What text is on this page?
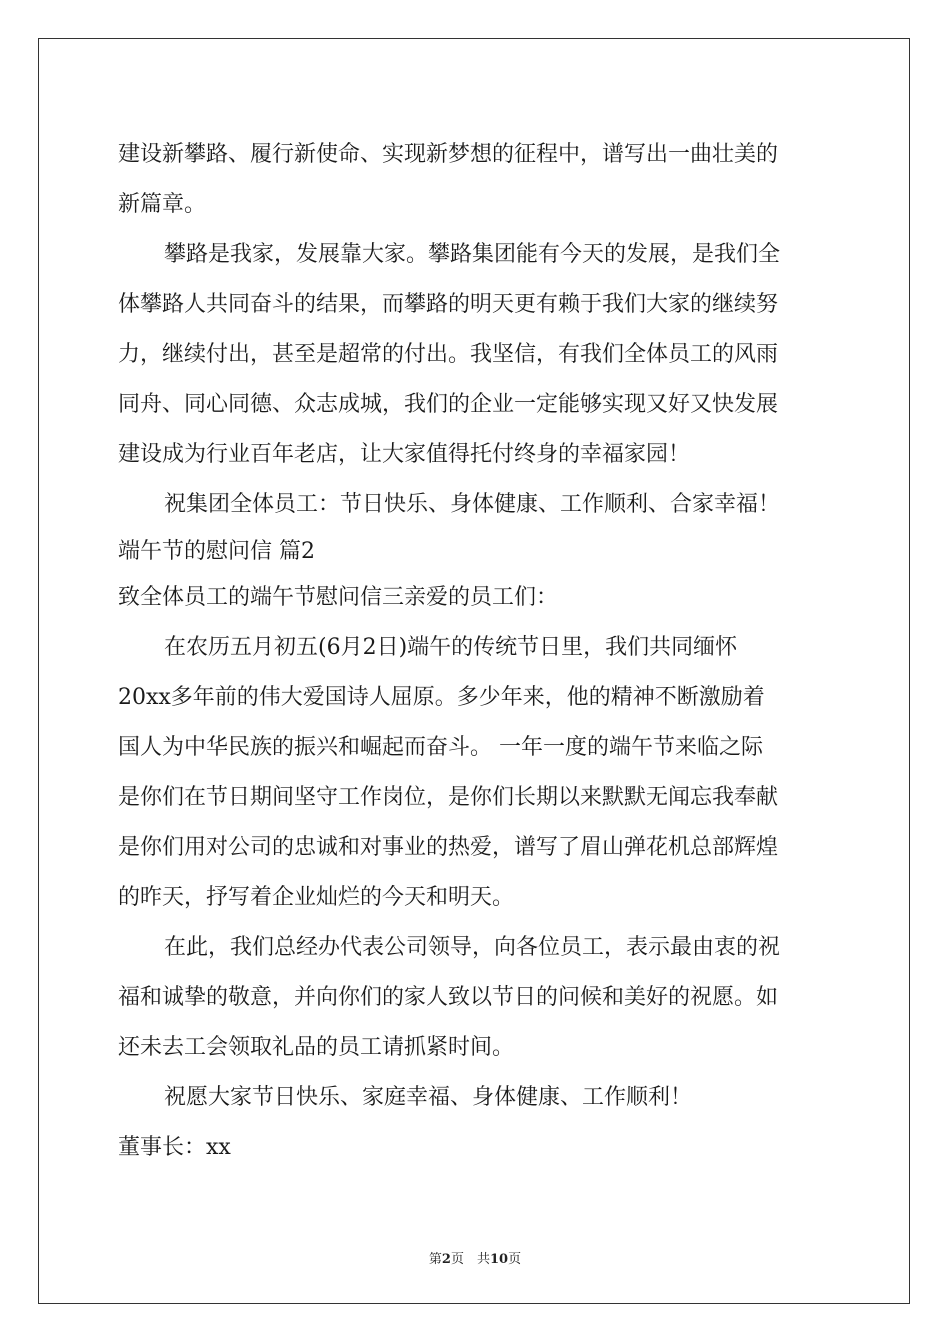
建设新攀路、履行新使命、实现新梦想的征程中，谱写出一曲壮美的
新篇章。
攀路是我家，发展靠大家。攀路集团能有今天的发展，是我们全
体攀路人共同奋斗的结果，而攀路的明天更有赖于我们大家的继续努
力，继续付出，甚至是超常的付出。我坚信，有我们全体员工的风雨
同舟、同心同德、众志成城，我们的企业一定能够实现又好又快发展
建设成为行业百年老店，让大家值得托付终身的幸福家园！
祝集团全体员工：节日快乐、身体健康、工作顺利、合家幸福！
端午节的慰问信 篇2
致全体员工的端午节慰问信三亲爱的员工们：
在农历五月初五(6月2日)端午的传统节日里，我们共同缅怀
20xx多年前的伟大爱国诗人屈原。多少年来，他的精神不断激励着
国人为中华民族的振兴和崛起而奋斗。 一年一度的端午节来临之际
是你们在节日期间坚守工作岗位，是你们长期以来默默无闻忘我奉献
是你们用对公司的忠诚和对事业的热爱，谱写了眉山弹花机总部辉煌
的昨天，抒写着企业灿烂的今天和明天。
在此，我们总经办代表公司领导，向各位员工，表示最由衷的祝
福和诚挚的敬意，并向你们的家人致以节日的问候和美好的祝愿。如
还未去工会领取礼品的员工请抓紧时间。
祝愿大家节日快乐、家庭幸福、身体健康、工作顺利！
董事长：xx
第2页　共10页
